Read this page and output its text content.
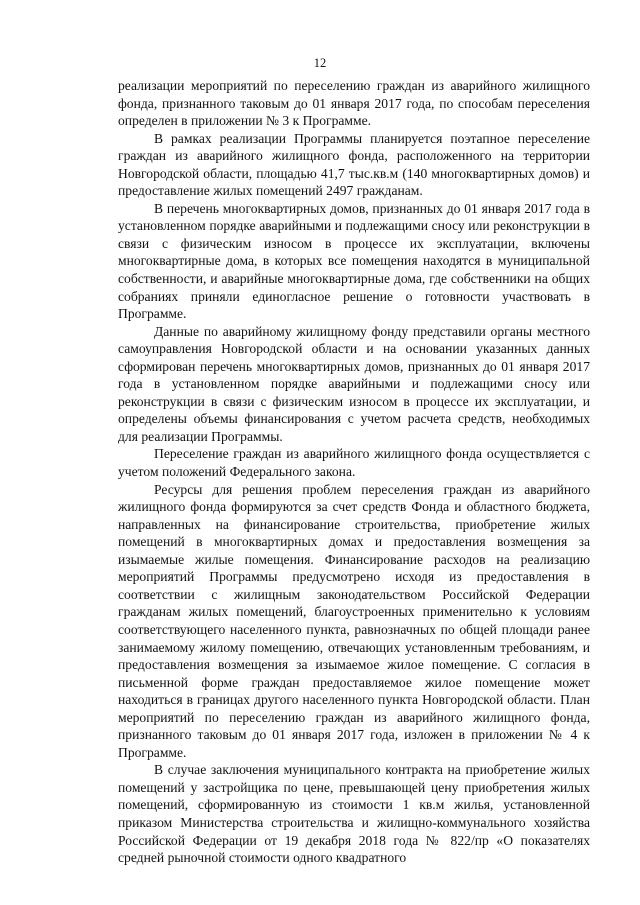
12

реализации мероприятий по переселению граждан из аварийного жилищного фонда, признанного таковым до 01 января 2017 года, по способам переселения определен в приложении № 3 к Программе.

В рамках реализации Программы планируется поэтапное переселение граждан из аварийного жилищного фонда, расположенного на территории Новгородской области, площадью 41,7 тыс.кв.м (140 многоквартирных домов) и предоставление жилых помещений 2497 гражданам.

В перечень многоквартирных домов, признанных до 01 января 2017 года в установленном порядке аварийными и подлежащими сносу или реконструкции в связи с физическим износом в процессе их эксплуатации, включены многоквартирные дома, в которых все помещения находятся в муниципальной собственности, и аварийные многоквартирные дома, где собственники на общих собраниях приняли единогласное решение о готовности участвовать в Программе.

Данные по аварийному жилищному фонду представили органы местного самоуправления Новгородской области и на основании указанных данных сформирован перечень многоквартирных домов, признанных до 01 января 2017 года в установленном порядке аварийными и подлежащими сносу или реконструкции в связи с физическим износом в процессе их эксплуатации, и определены объемы финансирования с учетом расчета средств, необходимых для реализации Программы.

Переселение граждан из аварийного жилищного фонда осуществляется с учетом положений Федерального закона.

Ресурсы для решения проблем переселения граждан из аварийного жилищного фонда формируются за счет средств Фонда и областного бюджета, направленных на финансирование строительства, приобретение жилых помещений в многоквартирных домах и предоставления возмещения за изымаемые жилые помещения. Финансирование расходов на реализацию мероприятий Программы предусмотрено исходя из предоставления в соответствии с жилищным законодательством Российской Федерации гражданам жилых помещений, благоустроенных применительно к условиям соответствующего населенного пункта, равнозначных по общей площади ранее занимаемому жилому помещению, отвечающих установленным требованиям, и предоставления возмещения за изымаемое жилое помещение. С согласия в письменной форме граждан предоставляемое жилое помещение может находиться в границах другого населенного пункта Новгородской области. План мероприятий по переселению граждан из аварийного жилищного фонда, признанного таковым до 01 января 2017 года, изложен в приложении № 4 к Программе.

В случае заключения муниципального контракта на приобретение жилых помещений у застройщика по цене, превышающей цену приобретения жилых помещений, сформированную из стоимости 1 кв.м жилья, установленной приказом Министерства строительства и жилищно-коммунального хозяйства Российской Федерации от 19 декабря 2018 года № 822/пр «О показателях средней рыночной стоимости одного квадратного
